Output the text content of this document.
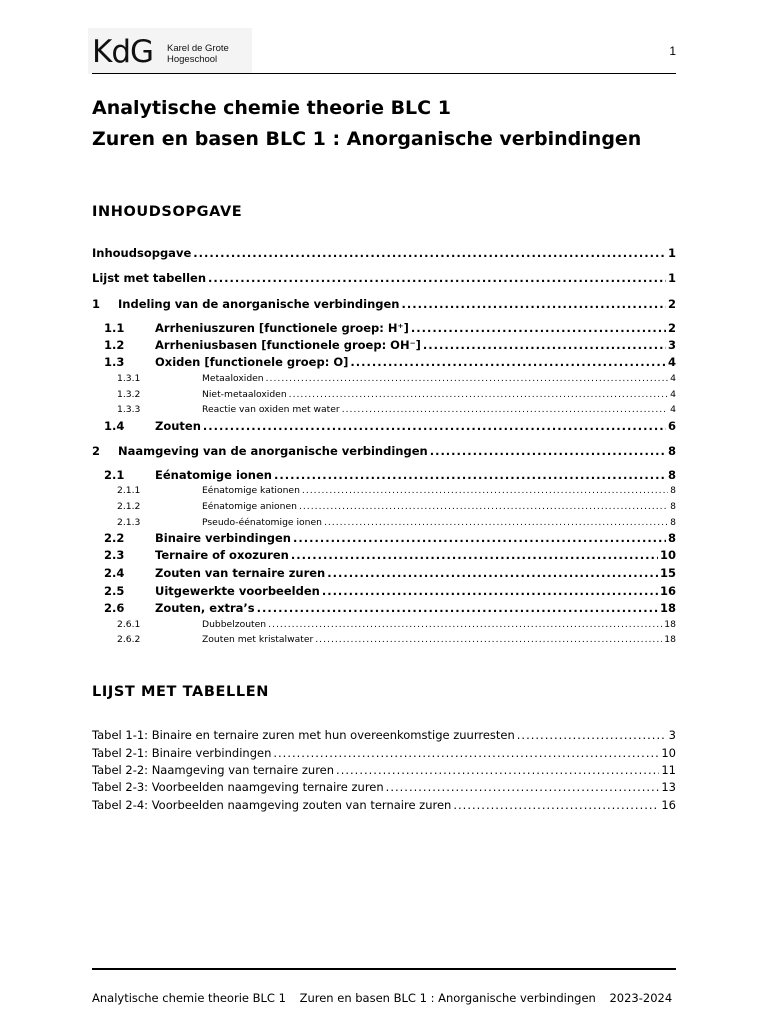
KdG Karel de Grote
Hogeschool
1
Analytische chemie theorie BLC 1
Zuren en basen BLC 1 : Anorganische verbindingen
INHOUDSOPGAVE
Inhoudsopgave .....	1
Lijst met tabellen .....	1
1	Indeling van de anorganische verbindingen .....	2
1.1	Arrheniuszuren [functionele groep: H⁺] .....	2
1.2	Arrheniusbasen [functionele groep: OH⁻] .....	3
1.3	Oxiden [functionele groep: O] .....	4
1.3.1	Metaaloxiden .....	4
1.3.2	Niet-metaaloxiden .....	4
1.3.3	Reactie van oxiden met water .....	4
1.4	Zouten .....	6
2	Naamgeving van de anorganische verbindingen .....	8
2.1	Eénatomige ionen .....	8
2.1.1	Eénatomige kationen .....	8
2.1.2	Eénatomige anionen .....	8
2.1.3	Pseudo-éénatomige ionen .....	8
2.2	Binaire verbindingen .....	8
2.3	Ternaire of oxozuren .....	10
2.4	Zouten van ternaire zuren .....	15
2.5	Uitgewerkte voorbeelden .....	16
2.6	Zouten, extra’s .....	18
2.6.1	Dubbelzouten .....	18
2.6.2	Zouten met kristalwater .....	18
LIJST MET TABELLEN
Tabel 1-1: Binaire en ternaire zuren met hun overeenkomstige zuurresten .....	3
Tabel 2-1: Binaire verbindingen .....	10
Tabel 2-2: Naamgeving van ternaire zuren .....	11
Tabel 2-3: Voorbeelden naamgeving ternaire zuren .....	13
Tabel 2-4: Voorbeelden naamgeving zouten van ternaire zuren .....	16
Analytische chemie theorie BLC 1 Zuren en basen BLC 1 : Anorganische verbindingen 2023-2024
